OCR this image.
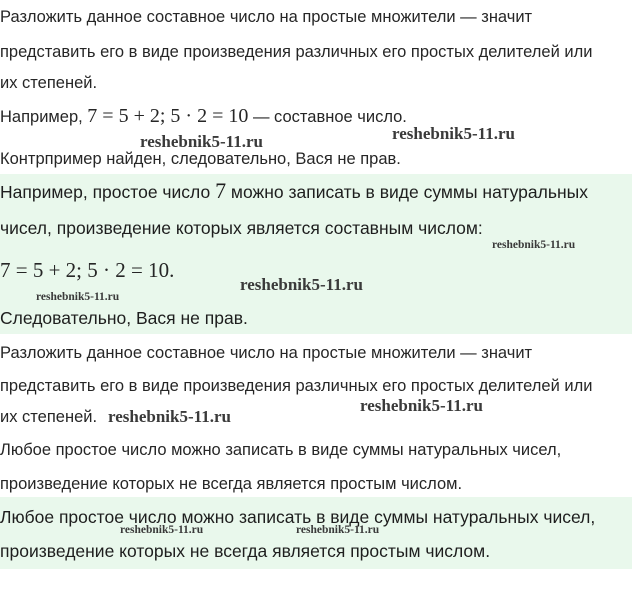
Разложить данное составное число на простые множители — значит
представить его в виде произведения различных его простых делителей или
их степеней.
Например, 7 = 5 + 2; 5 · 2 = 10 — составное число.
Контрпример найден, следовательно, Вася не прав.
reshebnik5-11.ru	reshebnik5-11.ru
Например, простое число 7 можно записать в виде суммы натуральных
чисел, произведение которых является составным числом:
7 = 5 + 2; 5 · 2 = 10.
Следовательно, Вася не прав.
reshebnik5-11.ru
reshebnik5-11.ru
reshebnik5-11.ru
Разложить данное составное число на простые множители — значит
представить его в виде произведения различных его простых делителей или
их степеней.
Любое простое число можно записать в виде суммы натуральных чисел,
произведение которых не всегда является простым числом.
reshebnik5-11.ru
reshebnik5-11.ru
Любое простое число можно записать в виде суммы натуральных чисел,
произведение которых не всегда является простым числом.
reshebnik5-11.ru	reshebnik5-11.ru
